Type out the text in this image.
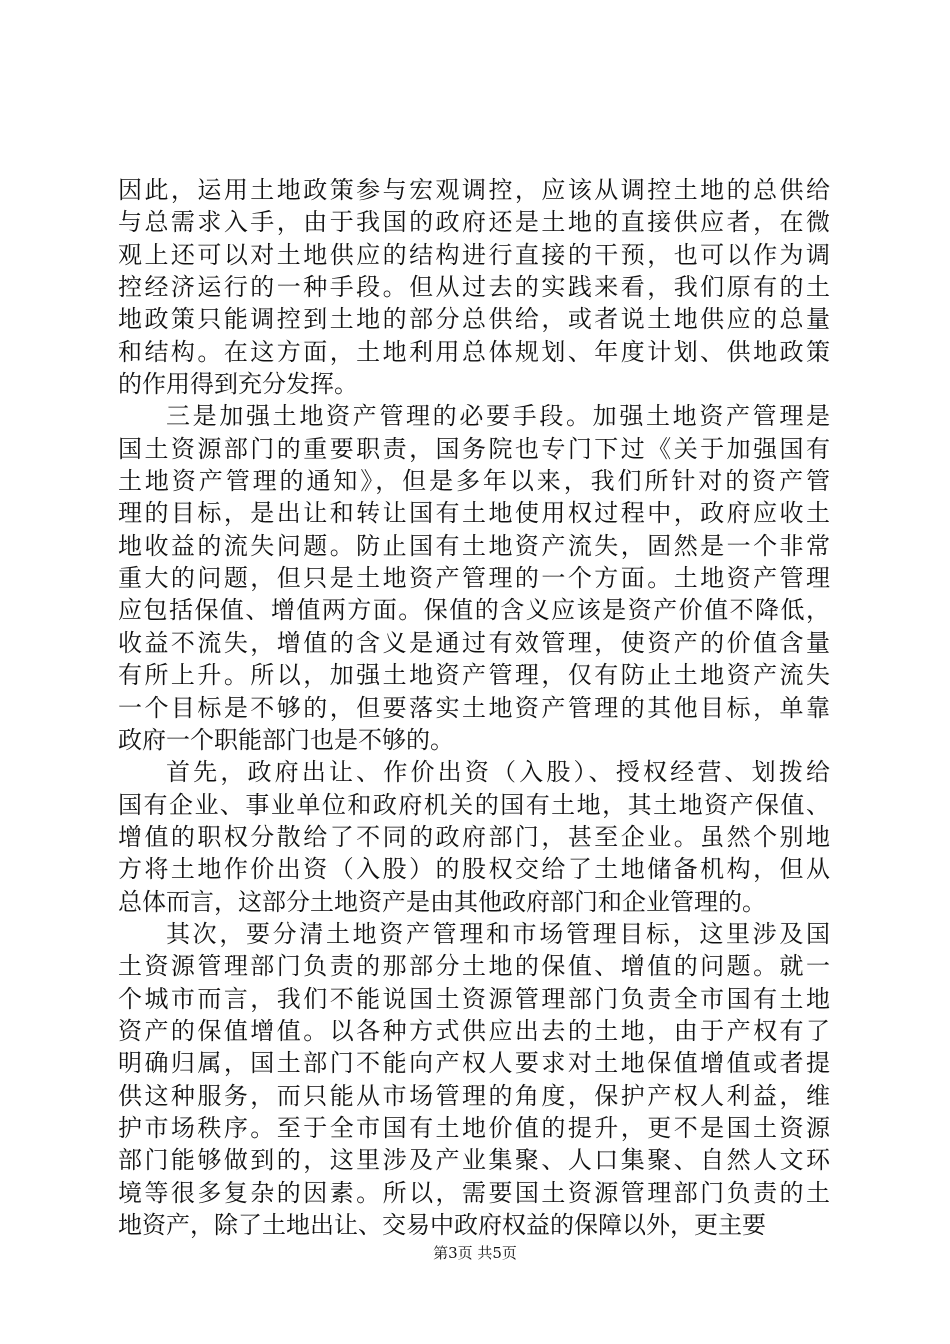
因此，运用土地政策参与宏观调控，应该从调控土地的总供给
与总需求入手，由于我国的政府还是土地的直接供应者，在微
观上还可以对土地供应的结构进行直接的干预，也可以作为调
控经济运行的一种手段。但从过去的实践来看，我们原有的土
地政策只能调控到土地的部分总供给，或者说土地供应的总量
和结构。在这方面，土地利用总体规划、年度计划、供地政策
的作用得到充分发挥。
三是加强土地资产管理的必要手段。加强土地资产管理是
国土资源部门的重要职责，国务院也专门下过《关于加强国有
土地资产管理的通知》，但是多年以来，我们所针对的资产管
理的目标，是出让和转让国有土地使用权过程中，政府应收土
地收益的流失问题。防止国有土地资产流失，固然是一个非常
重大的问题，但只是土地资产管理的一个方面。土地资产管理
应包括保值、增值两方面。保值的含义应该是资产价值不降低，
收益不流失，增值的含义是通过有效管理，使资产的价值含量
有所上升。所以，加强土地资产管理，仅有防止土地资产流失
一个目标是不够的，但要落实土地资产管理的其他目标，单靠
政府一个职能部门也是不够的。
首先，政府出让、作价出资（入股）、授权经营、划拨给
国有企业、事业单位和政府机关的国有土地，其土地资产保值、
增值的职权分散给了不同的政府部门，甚至企业。虽然个别地
方将土地作价出资（入股）的股权交给了土地储备机构，但从
总体而言，这部分土地资产是由其他政府部门和企业管理的。
其次，要分清土地资产管理和市场管理目标，这里涉及国
土资源管理部门负责的那部分土地的保值、增值的问题。就一
个城市而言，我们不能说国土资源管理部门负责全市国有土地
资产的保值增值。以各种方式供应出去的土地，由于产权有了
明确归属，国土部门不能向产权人要求对土地保值增值或者提
供这种服务，而只能从市场管理的角度，保护产权人利益，维
护市场秩序。至于全市国有土地价值的提升，更不是国土资源
部门能够做到的，这里涉及产业集聚、人口集聚、自然人文环
境等很多复杂的因素。所以，需要国土资源管理部门负责的土
地资产，除了土地出让、交易中政府权益的保障以外，更主要
第3页 共5页
